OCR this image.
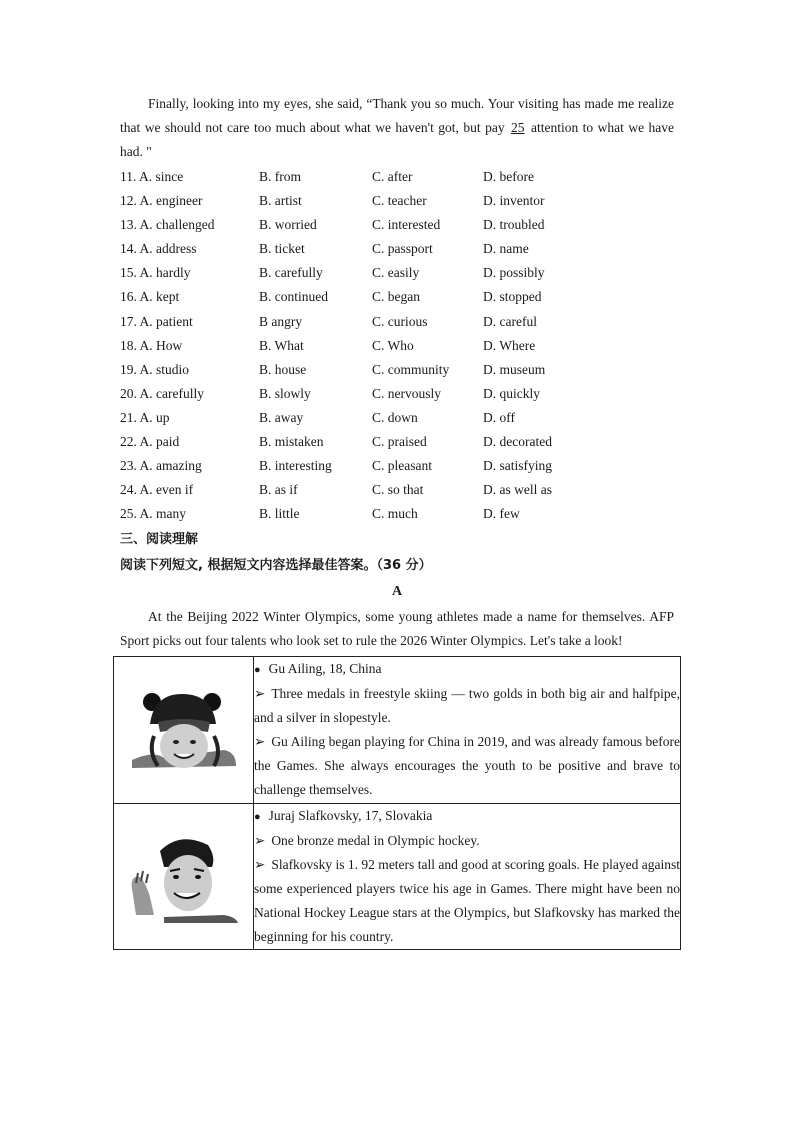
Finally, looking into my eyes, she said, “Thank you so much. Your visiting has made me realize that we should not care too much about what we haven't got, but pay 25 attention to what we have had. "
11. A. since	B. from	C. after	D. before
12. A. engineer	B. artist	C. teacher	D. inventor
13. A. challenged	B. worried	C. interested	D. troubled
14. A. address	B. ticket	C. passport	D. name
15. A. hardly	B. carefully	C. easily	D. possibly
16. A. kept	B. continued	C. began	D. stopped
17. A. patient	B angry	C. curious	D. careful
18. A. How	B. What	C. Who	D. Where
19. A. studio	B. house	C. community	D. museum
20. A. carefully	B. slowly	C. nervously	D. quickly
21. A. up	B. away	C. down	D. off
22. A. paid	B. mistaken	C. praised	D. decorated
23. A. amazing	B. interesting	C. pleasant	D. satisfying
24. A. even if	B. as if	C. so that	D. as well as
25. A. many	B. little	C. much	D. few
三、阅读理解
阅读下列短文, 根据短文内容选择最佳答案。（36 分）
A
At the Beijing 2022 Winter Olympics, some young athletes made a name for themselves. AFP Sport picks out four talents who look set to rule the 2026 Winter Olympics. Let's take a look!

● Gu Ailing, 18, China
➢ Three medals in freestyle skiing — two golds in both big air and halfpipe, and a silver in slopestyle.
➢ Gu Ailing began playing for China in 2019, and was already famous before the Games. She always encourages the youth to be positive and brave to challenge themselves.

● Juraj Slafkovsky, 17, Slovakia
➢ One bronze medal in Olympic hockey.
➢ Slafkovsky is 1. 92 meters tall and good at scoring goals. He played against some experienced players twice his age in Games. There might have been no National Hockey League stars at the Olympics, but Slafkovsky has marked the beginning for his country.
